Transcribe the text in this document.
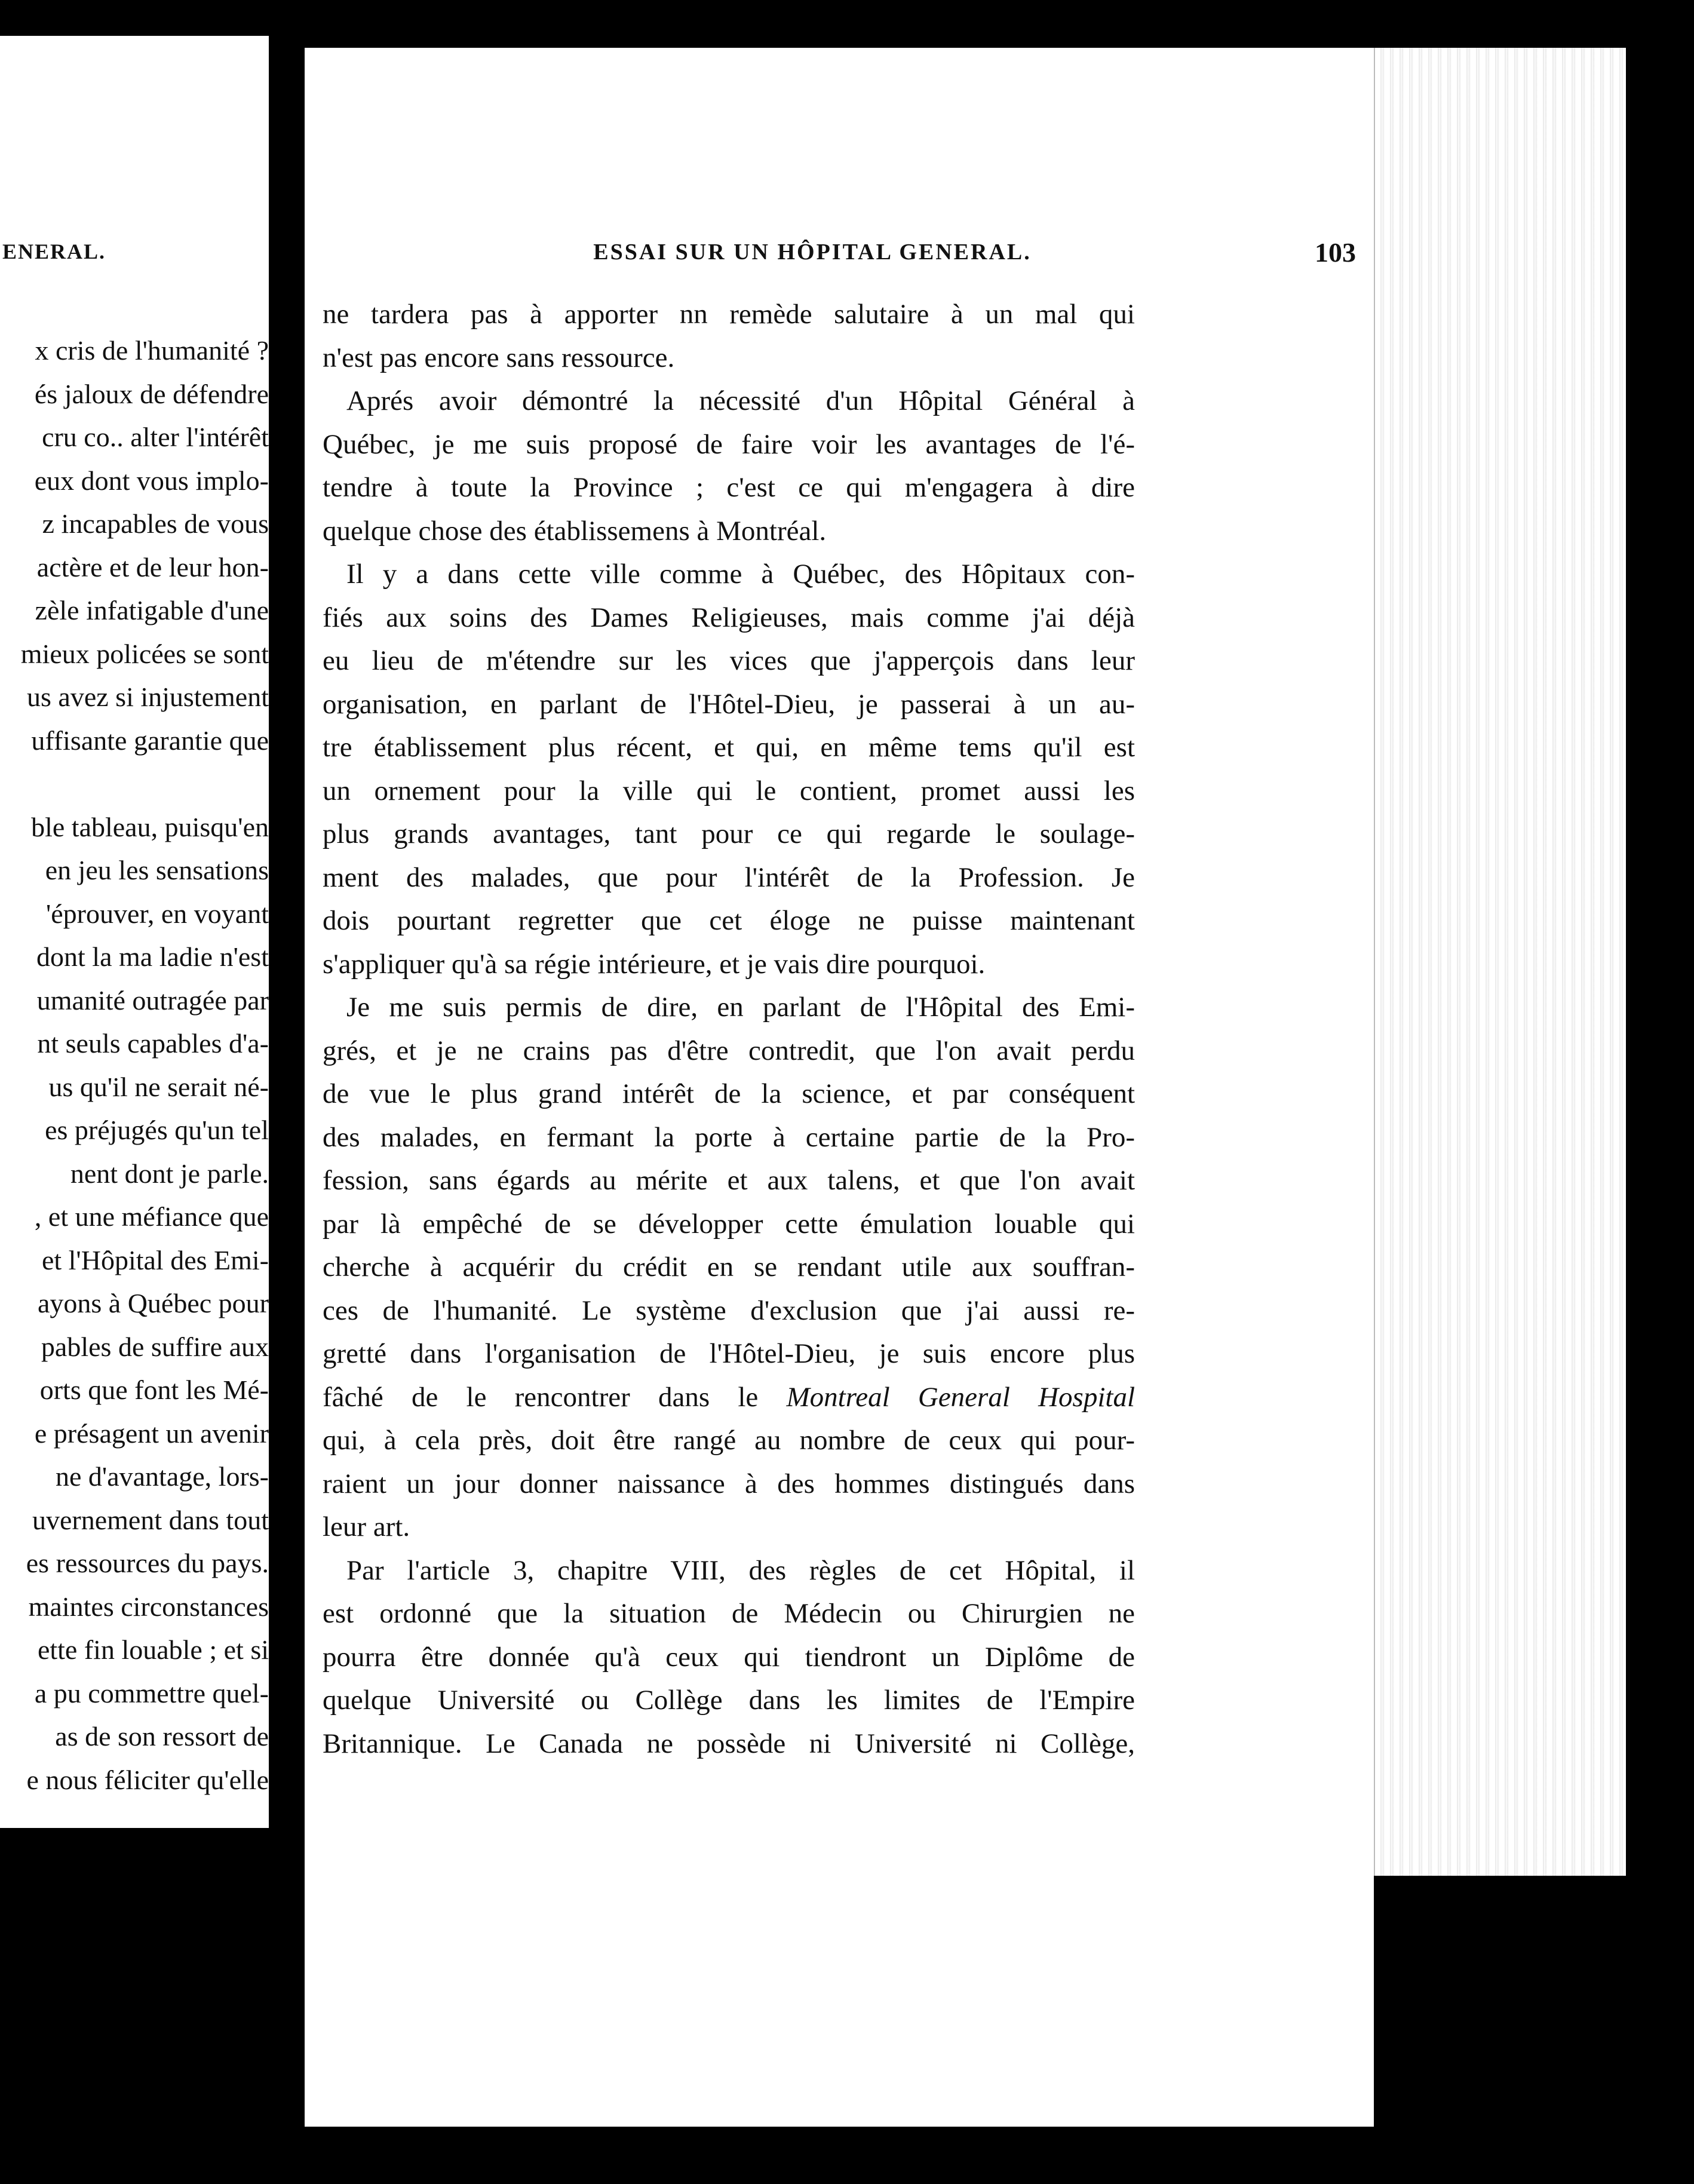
ENERAL.
x cris de l'humanité ?
és jaloux de défendre
cru co.. alter l'intérêt
eux dont vous implo-
z incapables de vous
actère et de leur hon-
zèle infatigable d'une
mieux policées se sont
us avez si injustement
uffisante garantie que
ble tableau, puisqu'en
en jeu les sensations
'éprouver, en voyant
dont la ma ladie n'est
umanité outragée par
nt seuls capables d'a-
us qu'il ne serait né-
es préjugés qu'un tel
nent dont je parle.
, et une méfiance que
et l'Hôpital des Emi-
ayons à Québec pour
pables de suffire aux
orts que font les Mé-
e présagent un avenir
ne d'avantage, lors-
uvernement dans tout
es ressources du pays.
maintes circonstances
ette fin louable ; et si
a pu commettre quel-
as de son ressort de
e nous féliciter qu'elle
ESSAI SUR UN HÔPITAL GENERAL.	103
ne tardera pas à apporter nn remède salutaire à un mal qui
n'est pas encore sans ressource.
Aprés avoir démontré la nécessité d'un Hôpital Général à
Québec, je me suis proposé de faire voir les avantages de l'é-
tendre à toute la Province ; c'est ce qui m'engagera à dire
quelque chose des établissemens à Montréal.
Il y a dans cette ville comme à Québec, des Hôpitaux con-
fiés aux soins des Dames Religieuses, mais comme j'ai déjà
eu lieu de m'étendre sur les vices que j'apperçois dans leur
organisation, en parlant de l'Hôtel-Dieu, je passerai à un au-
tre établissement plus récent, et qui, en même tems qu'il est
un ornement pour la ville qui le contient, promet aussi les
plus grands avantages, tant pour ce qui regarde le soulage-
ment des malades, que pour l'intérêt de la Profession. Je
dois pourtant regretter que cet éloge ne puisse maintenant
s'appliquer qu'à sa régie intérieure, et je vais dire pourquoi.
Je me suis permis de dire, en parlant de l'Hôpital des Emi-
grés, et je ne crains pas d'être contredit, que l'on avait perdu
de vue le plus grand intérêt de la science, et par conséquent
des malades, en fermant la porte à certaine partie de la Pro-
fession, sans égards au mérite et aux talens, et que l'on avait
par là empêché de se développer cette émulation louable qui
cherche à acquérir du crédit en se rendant utile aux souffran-
ces de l'humanité. Le système d'exclusion que j'ai aussi re-
gretté dans l'organisation de l'Hôtel-Dieu, je suis encore plus
fâché de le rencontrer dans le Montreal General Hospital
qui, à cela près, doit être rangé au nombre de ceux qui pour-
raient un jour donner naissance à des hommes distingués dans
leur art.
Par l'article 3, chapitre VIII, des règles de cet Hôpital, il
est ordonné que la situation de Médecin ou Chirurgien ne
pourra être donnée qu'à ceux qui tiendront un Diplôme de
quelque Université ou Collège dans les limites de l'Empire
Britannique. Le Canada ne possède ni Université ni Collège,
